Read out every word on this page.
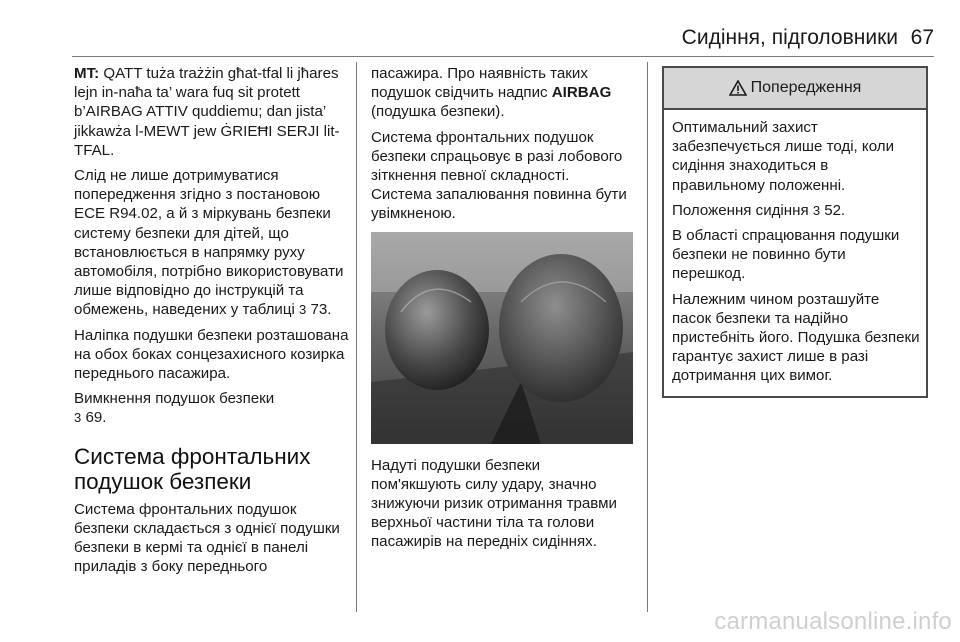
Сидіння, підголовники 67

MT: QATT tuża trażżin għat-tfal li jħares lejn in-naħa ta’ wara fuq sit protett b’AIRBAG ATTIV quddiemu; dan jista’ jikkawża l-MEWT jew ĠRIEĦI SERJI lit-TFAL.

Слід не лише дотримуватися попередження згідно з постановою ECE R94.02, а й з міркувань безпеки систему безпеки для дітей, що встановлюється в напрямку руху автомобіля, потрібно використовувати лише відповідно до інструкцій та обмежень, наведених у таблиці 3 73.

Наліпка подушки безпеки розташована на обох боках сонцезахисного козирка переднього пасажира.

Вимкнення подушок безпеки
3 69.

Система фронтальних подушок безпеки

Система фронтальних подушок безпеки складається з однієї подушки безпеки в кермі та однієї в панелі приладів з боку переднього

пасажира. Про наявність таких подушок свідчить надпис AIRBAG (подушка безпеки).

Система фронтальних подушок безпеки спрацьовує в разі лобового зіткнення певної складності. Система запалювання повинна бути увімкненою.

Надуті подушки безпеки пом'якшують силу удару, значно знижуючи ризик отримання травми верхньої частини тіла та голови пасажирів на передніх сидіннях.

Попередження

Оптимальний захист забезпечується лише тоді, коли сидіння знаходиться в правильному положенні.

Положення сидіння 3 52.

В області спрацювання подушки безпеки не повинно бути перешкод.

Належним чином розташуйте пасок безпеки та надійно пристебніть його. Подушка безпеки гарантує захист лише в разі дотримання цих вимог.

carmanualsonline.info
